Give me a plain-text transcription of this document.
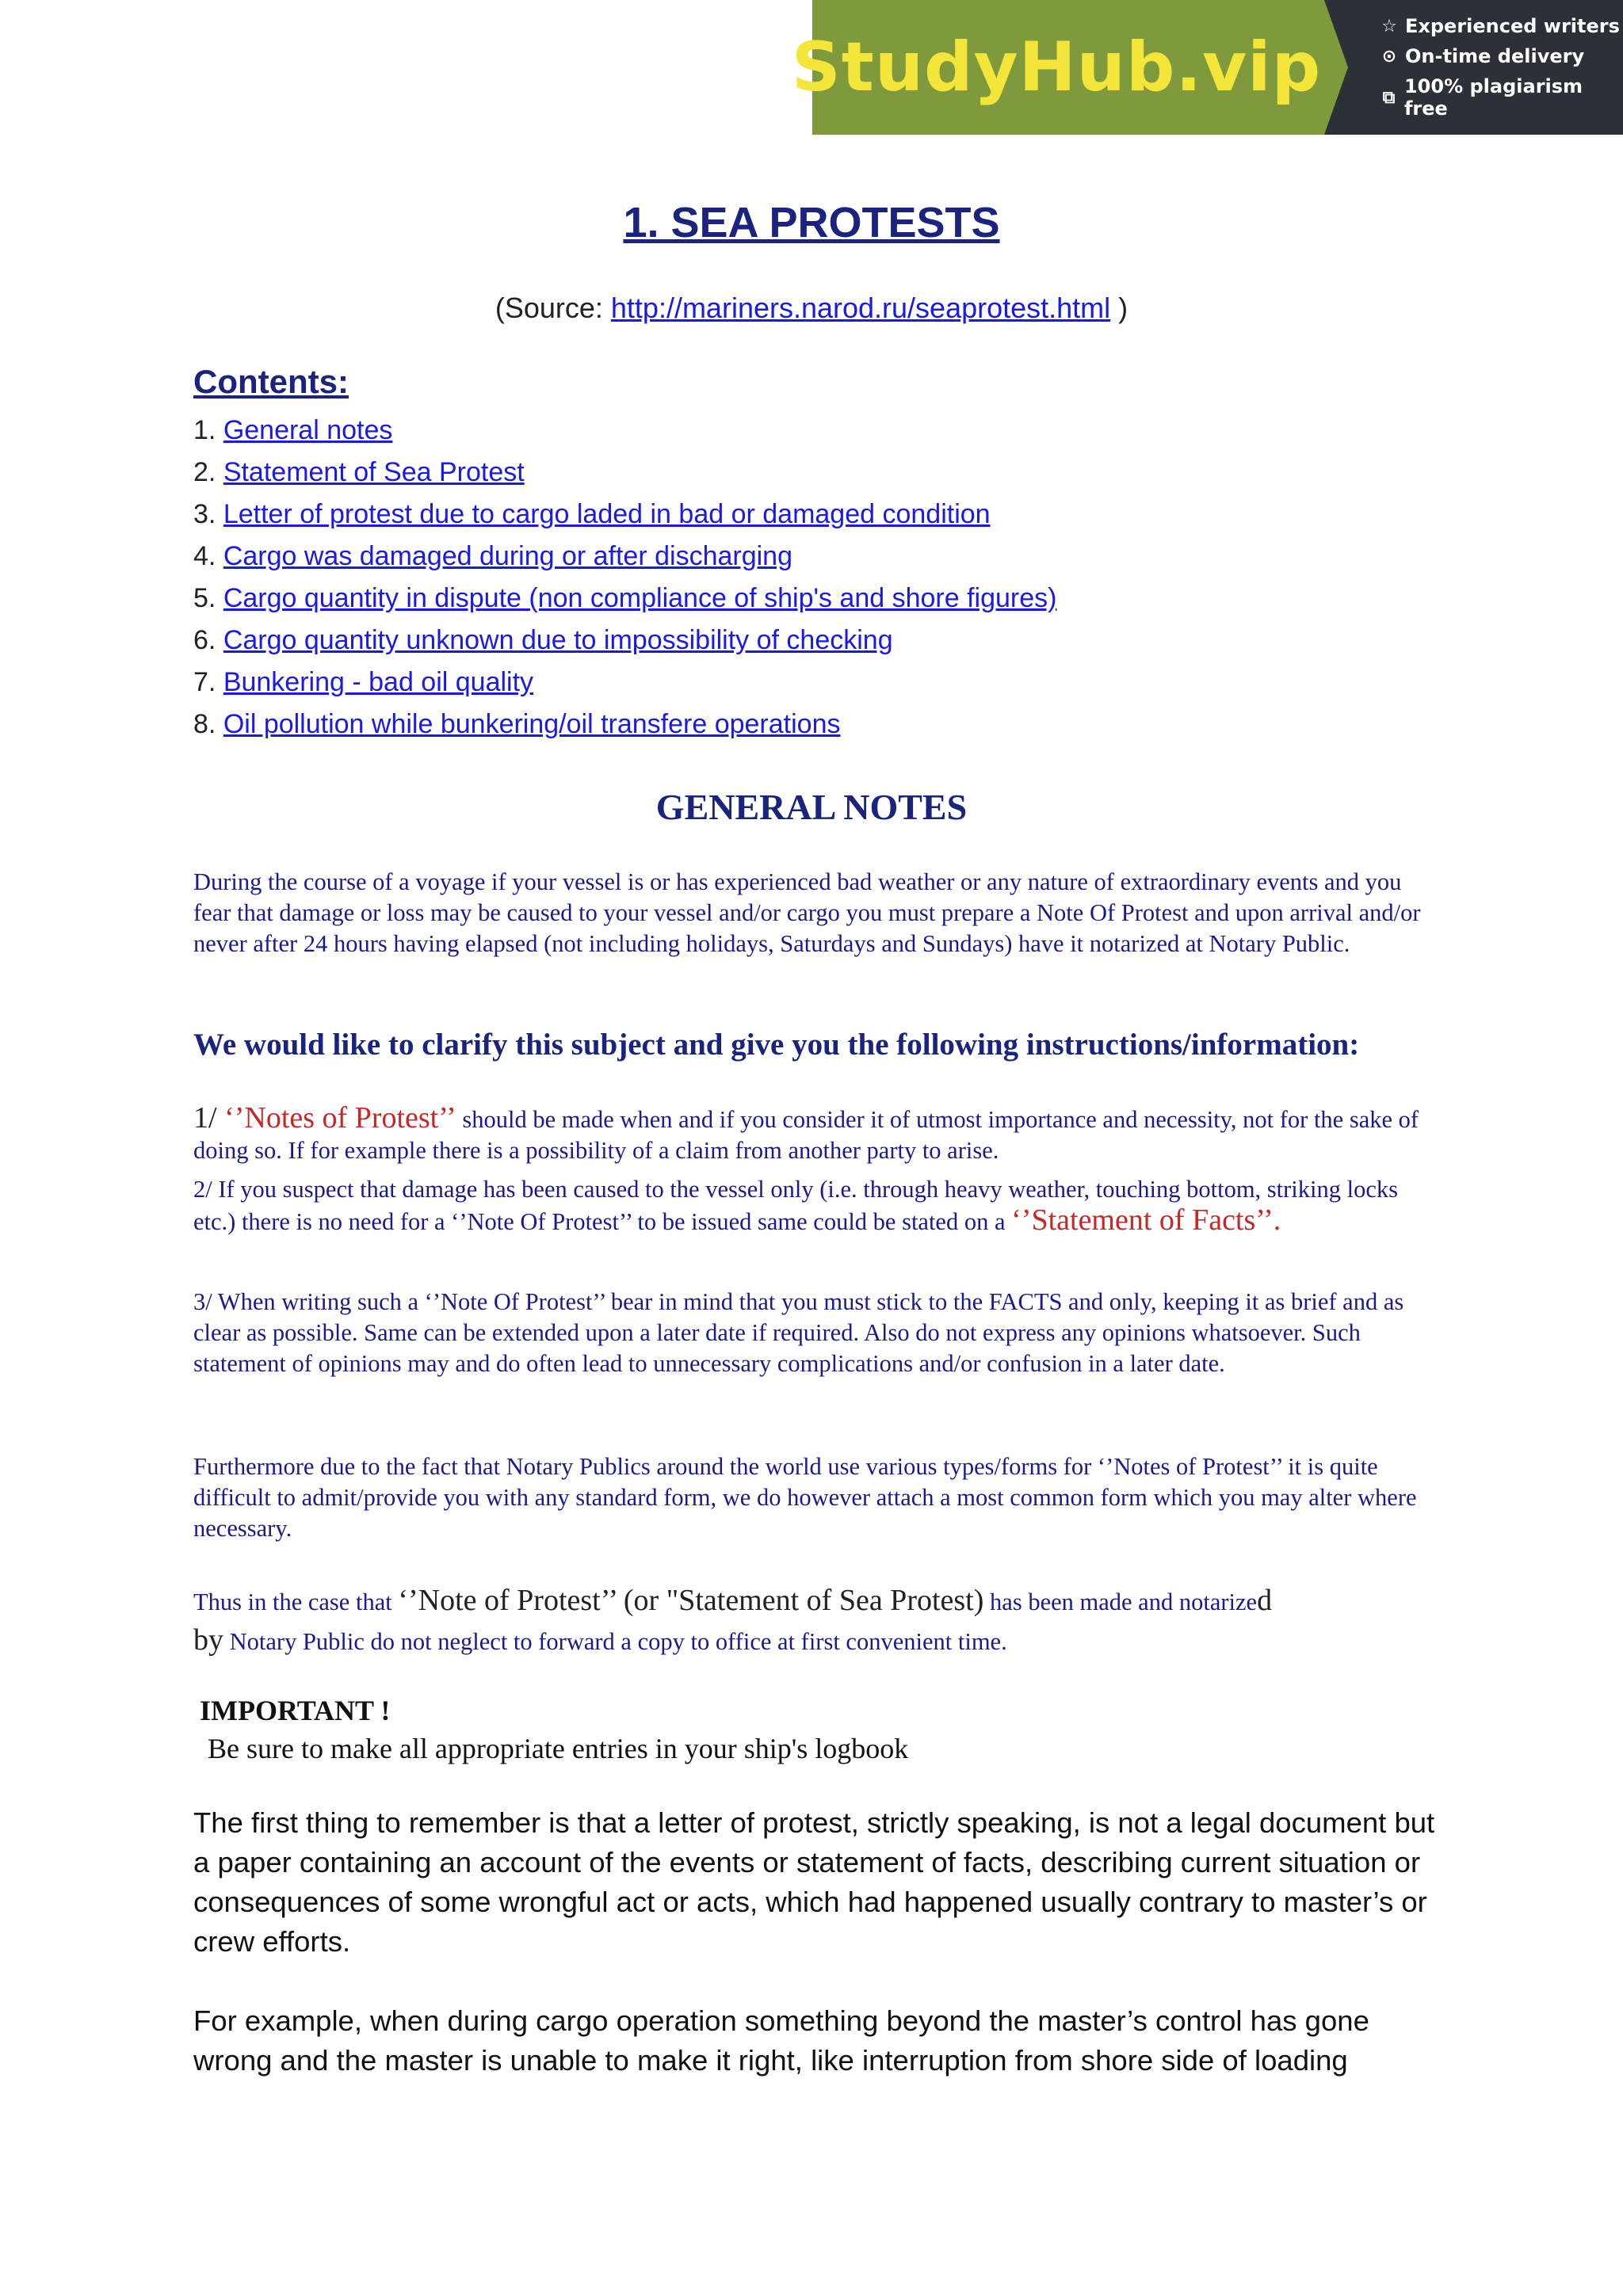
StudyHub.vip
☆ Experienced writers
⊙ On-time delivery
⧉ 100% plagiarism free
1. SEA PROTESTS
(Source: http://mariners.narod.ru/seaprotest.html )
Contents:
1. General notes
2. Statement of Sea Protest
3. Letter of protest due to cargo laded in bad or damaged condition
4. Cargo was damaged during or after discharging
5. Cargo quantity in dispute (non compliance of ship's and shore figures)
6. Cargo quantity unknown due to impossibility of checking
7. Bunkering - bad oil quality
8. Oil pollution while bunkering/oil transfere operations
GENERAL NOTES
During the course of a voyage if your vessel is or has experienced bad weather or any nature of extraordinary events and you fear that damage or loss may be caused to your vessel and/or cargo you must prepare a Note Of Protest and upon arrival and/or never after 24 hours having elapsed (not including holidays, Saturdays and Sundays) have it notarized at Notary Public.
We would like to clarify this subject and give you the following instructions/information:
1/ ‘’Notes of Protest’’ should be made when and if you consider it of utmost importance and necessity, not for the sake of doing so. If for example there is a possibility of a claim from another party to arise.
2/ If you suspect that damage has been caused to the vessel only (i.e. through heavy weather, touching bottom, striking locks etc.) there is no need for a ‘’Note Of Protest’’ to be issued same could be stated on a ‘’Statement of Facts’’.
3/ When writing such a ‘’Note Of Protest’’ bear in mind that you must stick to the FACTS and only, keeping it as brief and as clear as possible. Same can be extended upon a later date if required. Also do not express any opinions whatsoever. Such statement of opinions may and do often lead to unnecessary complications and/or confusion in a later date.
Furthermore due to the fact that Notary Publics around the world use various types/forms for ‘’Notes of Protest’’ it is quite difficult to admit/provide you with any standard form, we do however attach a most common form which you may alter where necessary.
Thus in the case that ‘’Note of Protest’’ (or "Statement of Sea Protest) has been made and notarized
by Notary Public do not neglect to forward a copy to office at first convenient time.
IMPORTANT !
Be sure to make all appropriate entries in your ship's logbook
The first thing to remember is that a letter of protest, strictly speaking, is not a legal document but a paper containing an account of the events or statement of facts, describing current situation or consequences of some wrongful act or acts, which had happened usually contrary to master’s or crew efforts.
For example, when during cargo operation something beyond the master’s control has gone wrong and the master is unable to make it right, like interruption from shore side of loading
